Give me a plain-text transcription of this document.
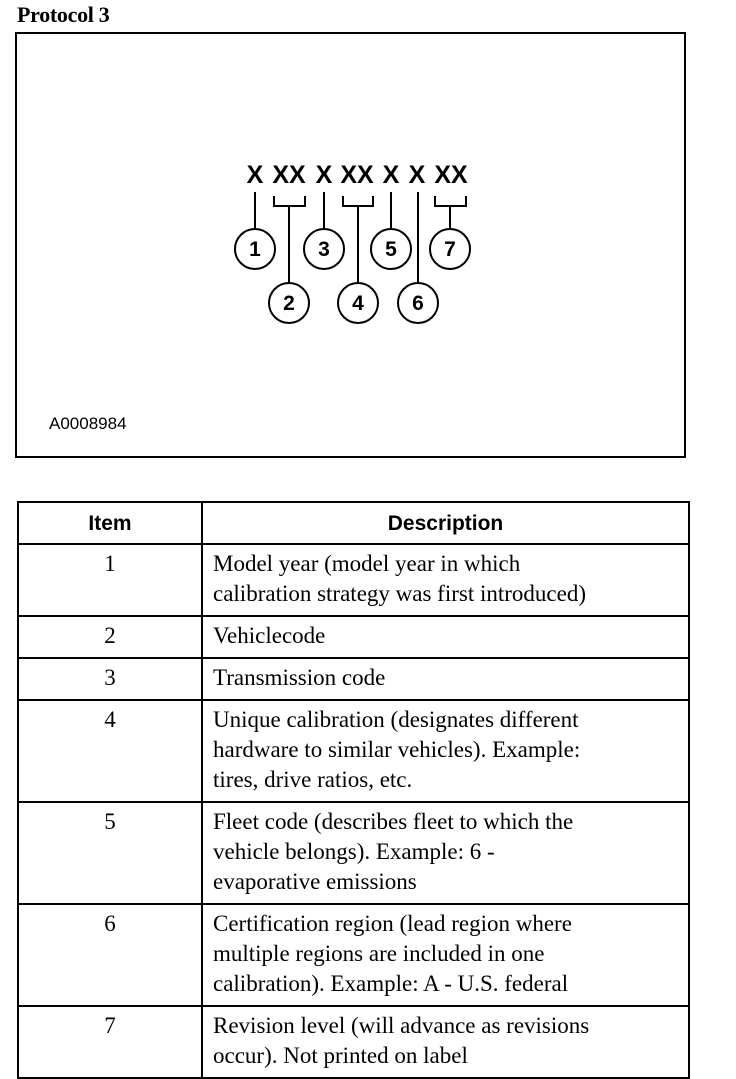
Protocol 3
X XX X XX X X XX
1
2
3
4
5
6
7
A0008984
Item	Description
1	Model year (model year in which
calibration strategy was first introduced)

2	Vehiclecode

3	Transmission code

4	Unique calibration (designates different
hardware to similar vehicles). Example:
tires, drive ratios, etc.

5	Fleet code (describes fleet to which the
vehicle belongs). Example: 6 -
evaporative emissions

6	Certification region (lead region where
multiple regions are included in one
calibration). Example: A - U.S. federal

7	Revision level (will advance as revisions
occur). Not printed on label
